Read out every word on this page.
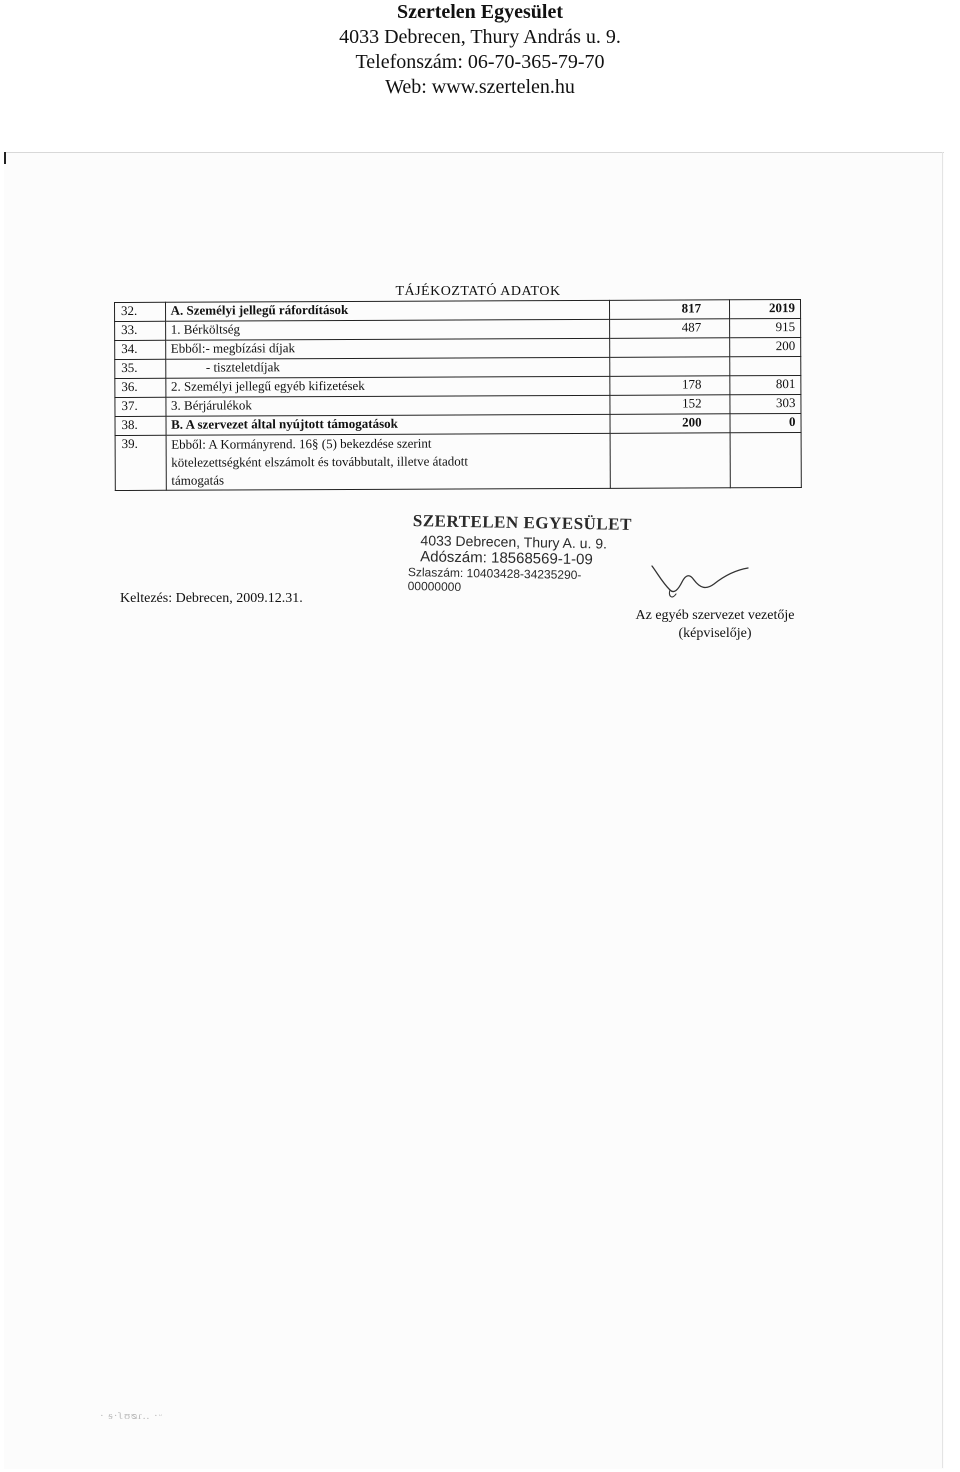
Szertelen Egyesület
4033 Debrecen, Thury András u. 9.
Telefonszám: 06-70-365-79-70
Web: www.szertelen.hu
TÁJÉKOZTATÓ ADATOK
32.	A. Személyi jellegű ráfordítások	817	2019
33.	1. Bérköltség	487	915
34.	Ebből:- megbízási díjak		200
35.	- tiszteletdíjak		
36.	2. Személyi jellegű egyéb kifizetések	178	801
37.	3. Bérjárulékok	152	303
38.	B. A szervezet által nyújtott támogatások	200	0
39.	Ebből: A Kormányrend. 16§ (5) bekezdése szerint
kötelezettségként elszámolt és továbbutalt, illetve átadott
támogatás		

SZERTELEN EGYESÜLET
4033 Debrecen, Thury A. u. 9.
Adószám: 18568569-1-09
Szlaszám: 10403428-34235290-00000000
Keltezés: Debrecen, 2009.12.31.
Az egyéb szervezet vezetője
(képviselője)
· ᵴ·ʅʊᴓɾ.. ·ᵕ
